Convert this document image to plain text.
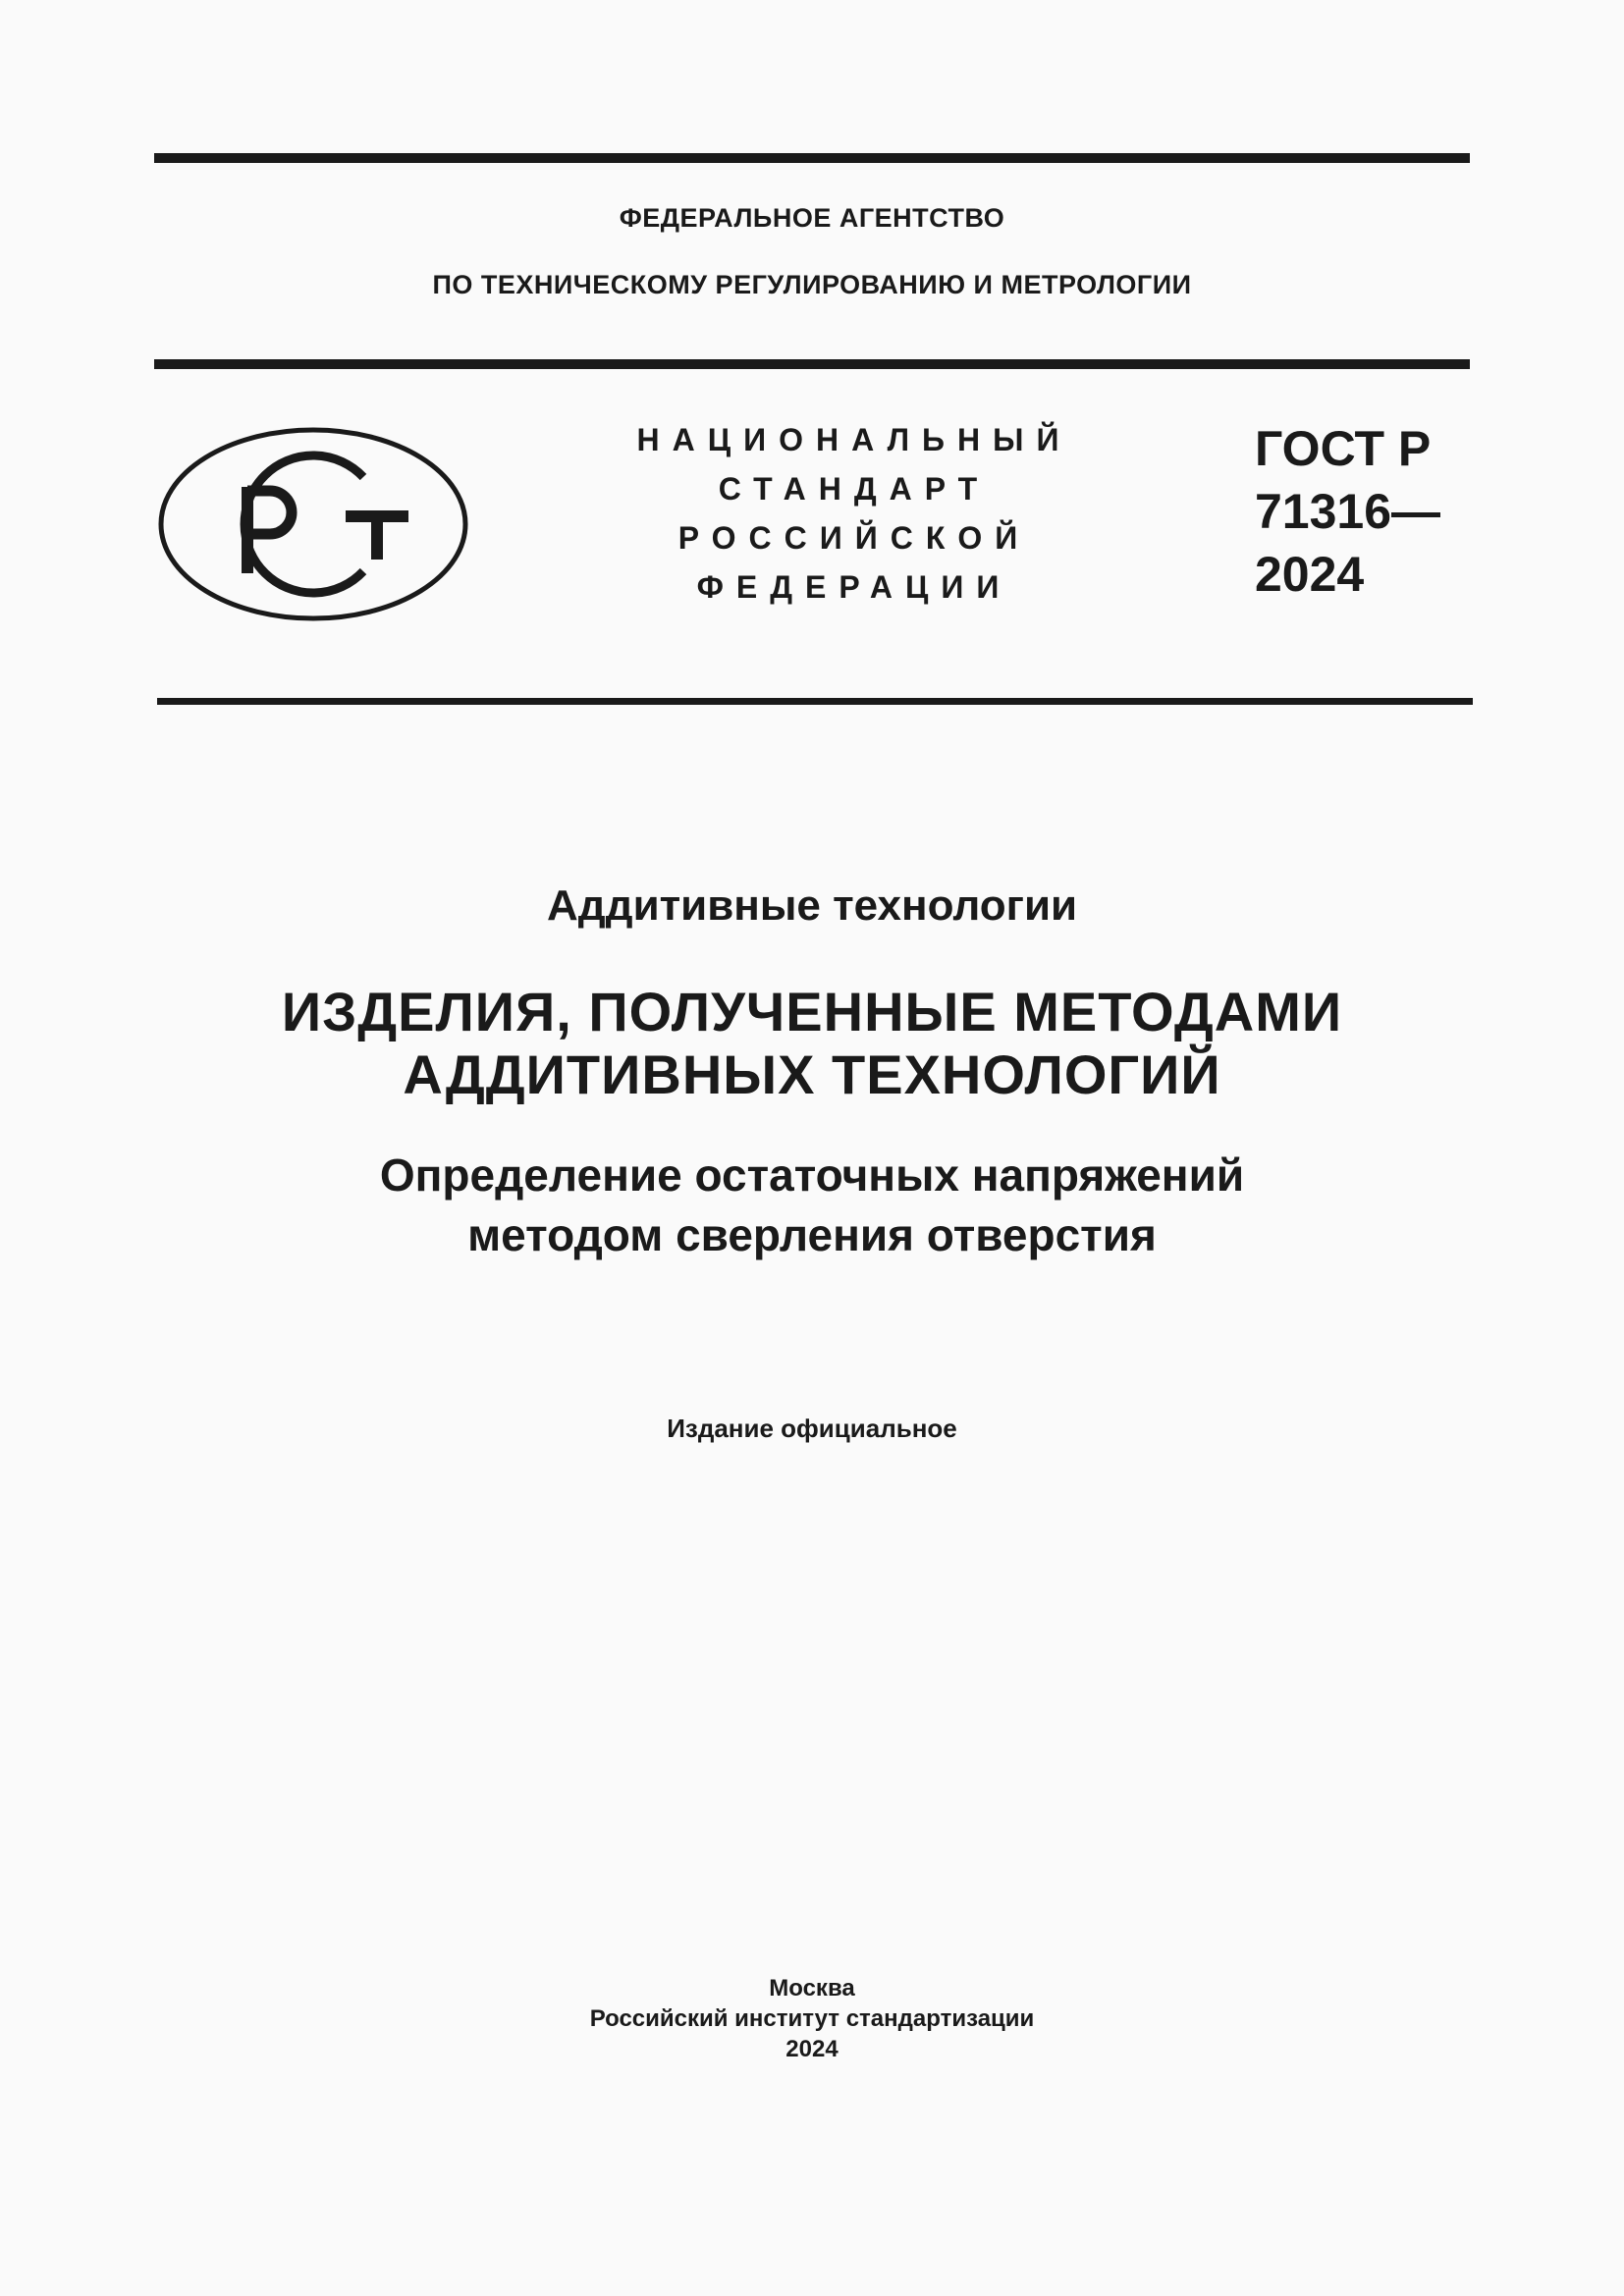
ФЕДЕРАЛЬНОЕ АГЕНТСТВО
ПО ТЕХНИЧЕСКОМУ РЕГУЛИРОВАНИЮ И МЕТРОЛОГИИ
НАЦИОНАЛЬНЫЙ
СТАНДАРТ
РОССИЙСКОЙ
ФЕДЕРАЦИИ
ГОСТ Р
71316—
2024
Аддитивные технологии
ИЗДЕЛИЯ, ПОЛУЧЕННЫЕ МЕТОДАМИ
АДДИТИВНЫХ ТЕХНОЛОГИЙ
Определение остаточных напряжений
методом сверления отверстия
Издание официальное
Москва
Российский институт стандартизации
2024
